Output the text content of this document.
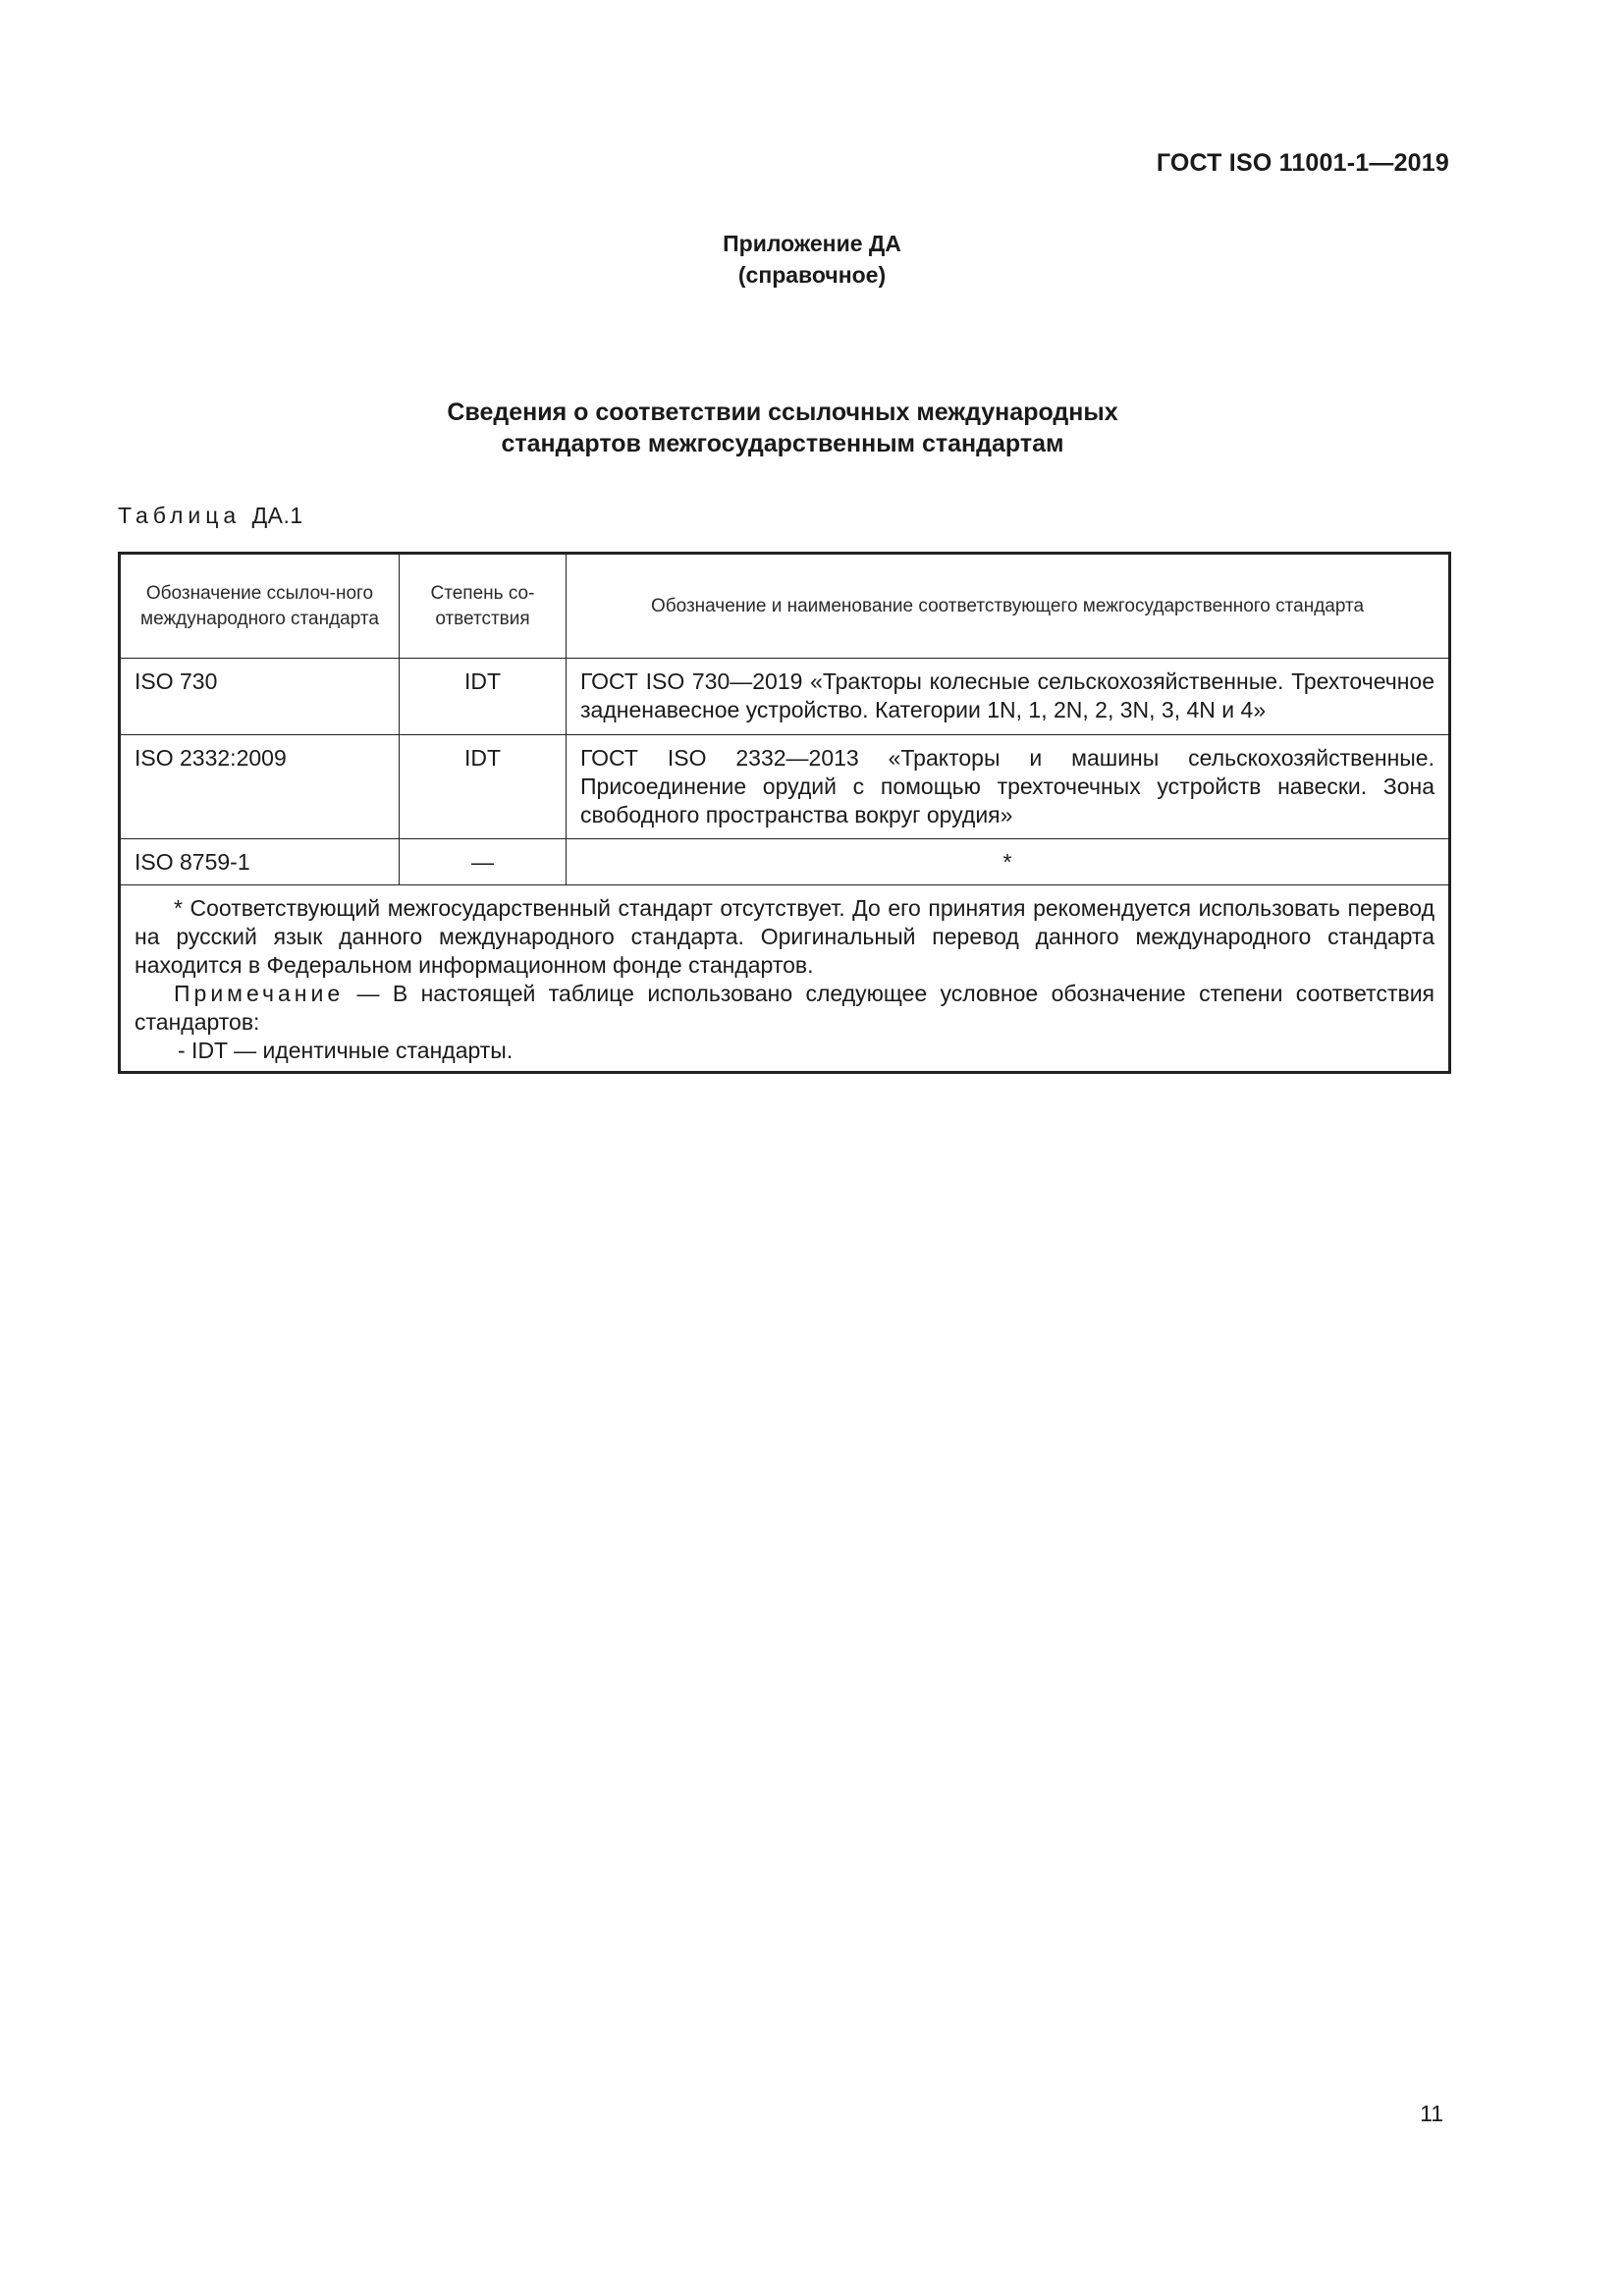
ГОСТ ISO 11001-1—2019
Приложение ДА
(справочное)
Сведения о соответствии ссылочных международных
стандартов межгосударственным стандартам
Таблица ДА.1
Обозначение ссылоч-ного международного стандарта	Степень со-ответствия	Обозначение и наименование соответствующего межгосударственного стандарта
ISO 730	IDT	ГОСТ ISO 730—2019 «Тракторы колесные сельскохозяйственные. Трехточечное задненавесное устройство. Категории 1N, 1, 2N, 2, 3N, 3, 4N и 4»
ISO 2332:2009	IDT	ГОСТ ISO 2332—2013 «Тракторы и машины сельскохозяйственные. Присоединение орудий с помощью трехточечных устройств навески. Зона свободного пространства вокруг орудия»
ISO 8759-1	—	*

* Соответствующий межгосударственный стандарт отсутствует. До его принятия рекомендуется использовать перевод на русский язык данного международного стандарта. Оригинальный перевод данного международного стандарта находится в Федеральном информационном фонде стандартов.
Примечание — В настоящей таблице использовано следующее условное обозначение степени соответствия стандартов:
- IDT — идентичные стандарты.		
11
